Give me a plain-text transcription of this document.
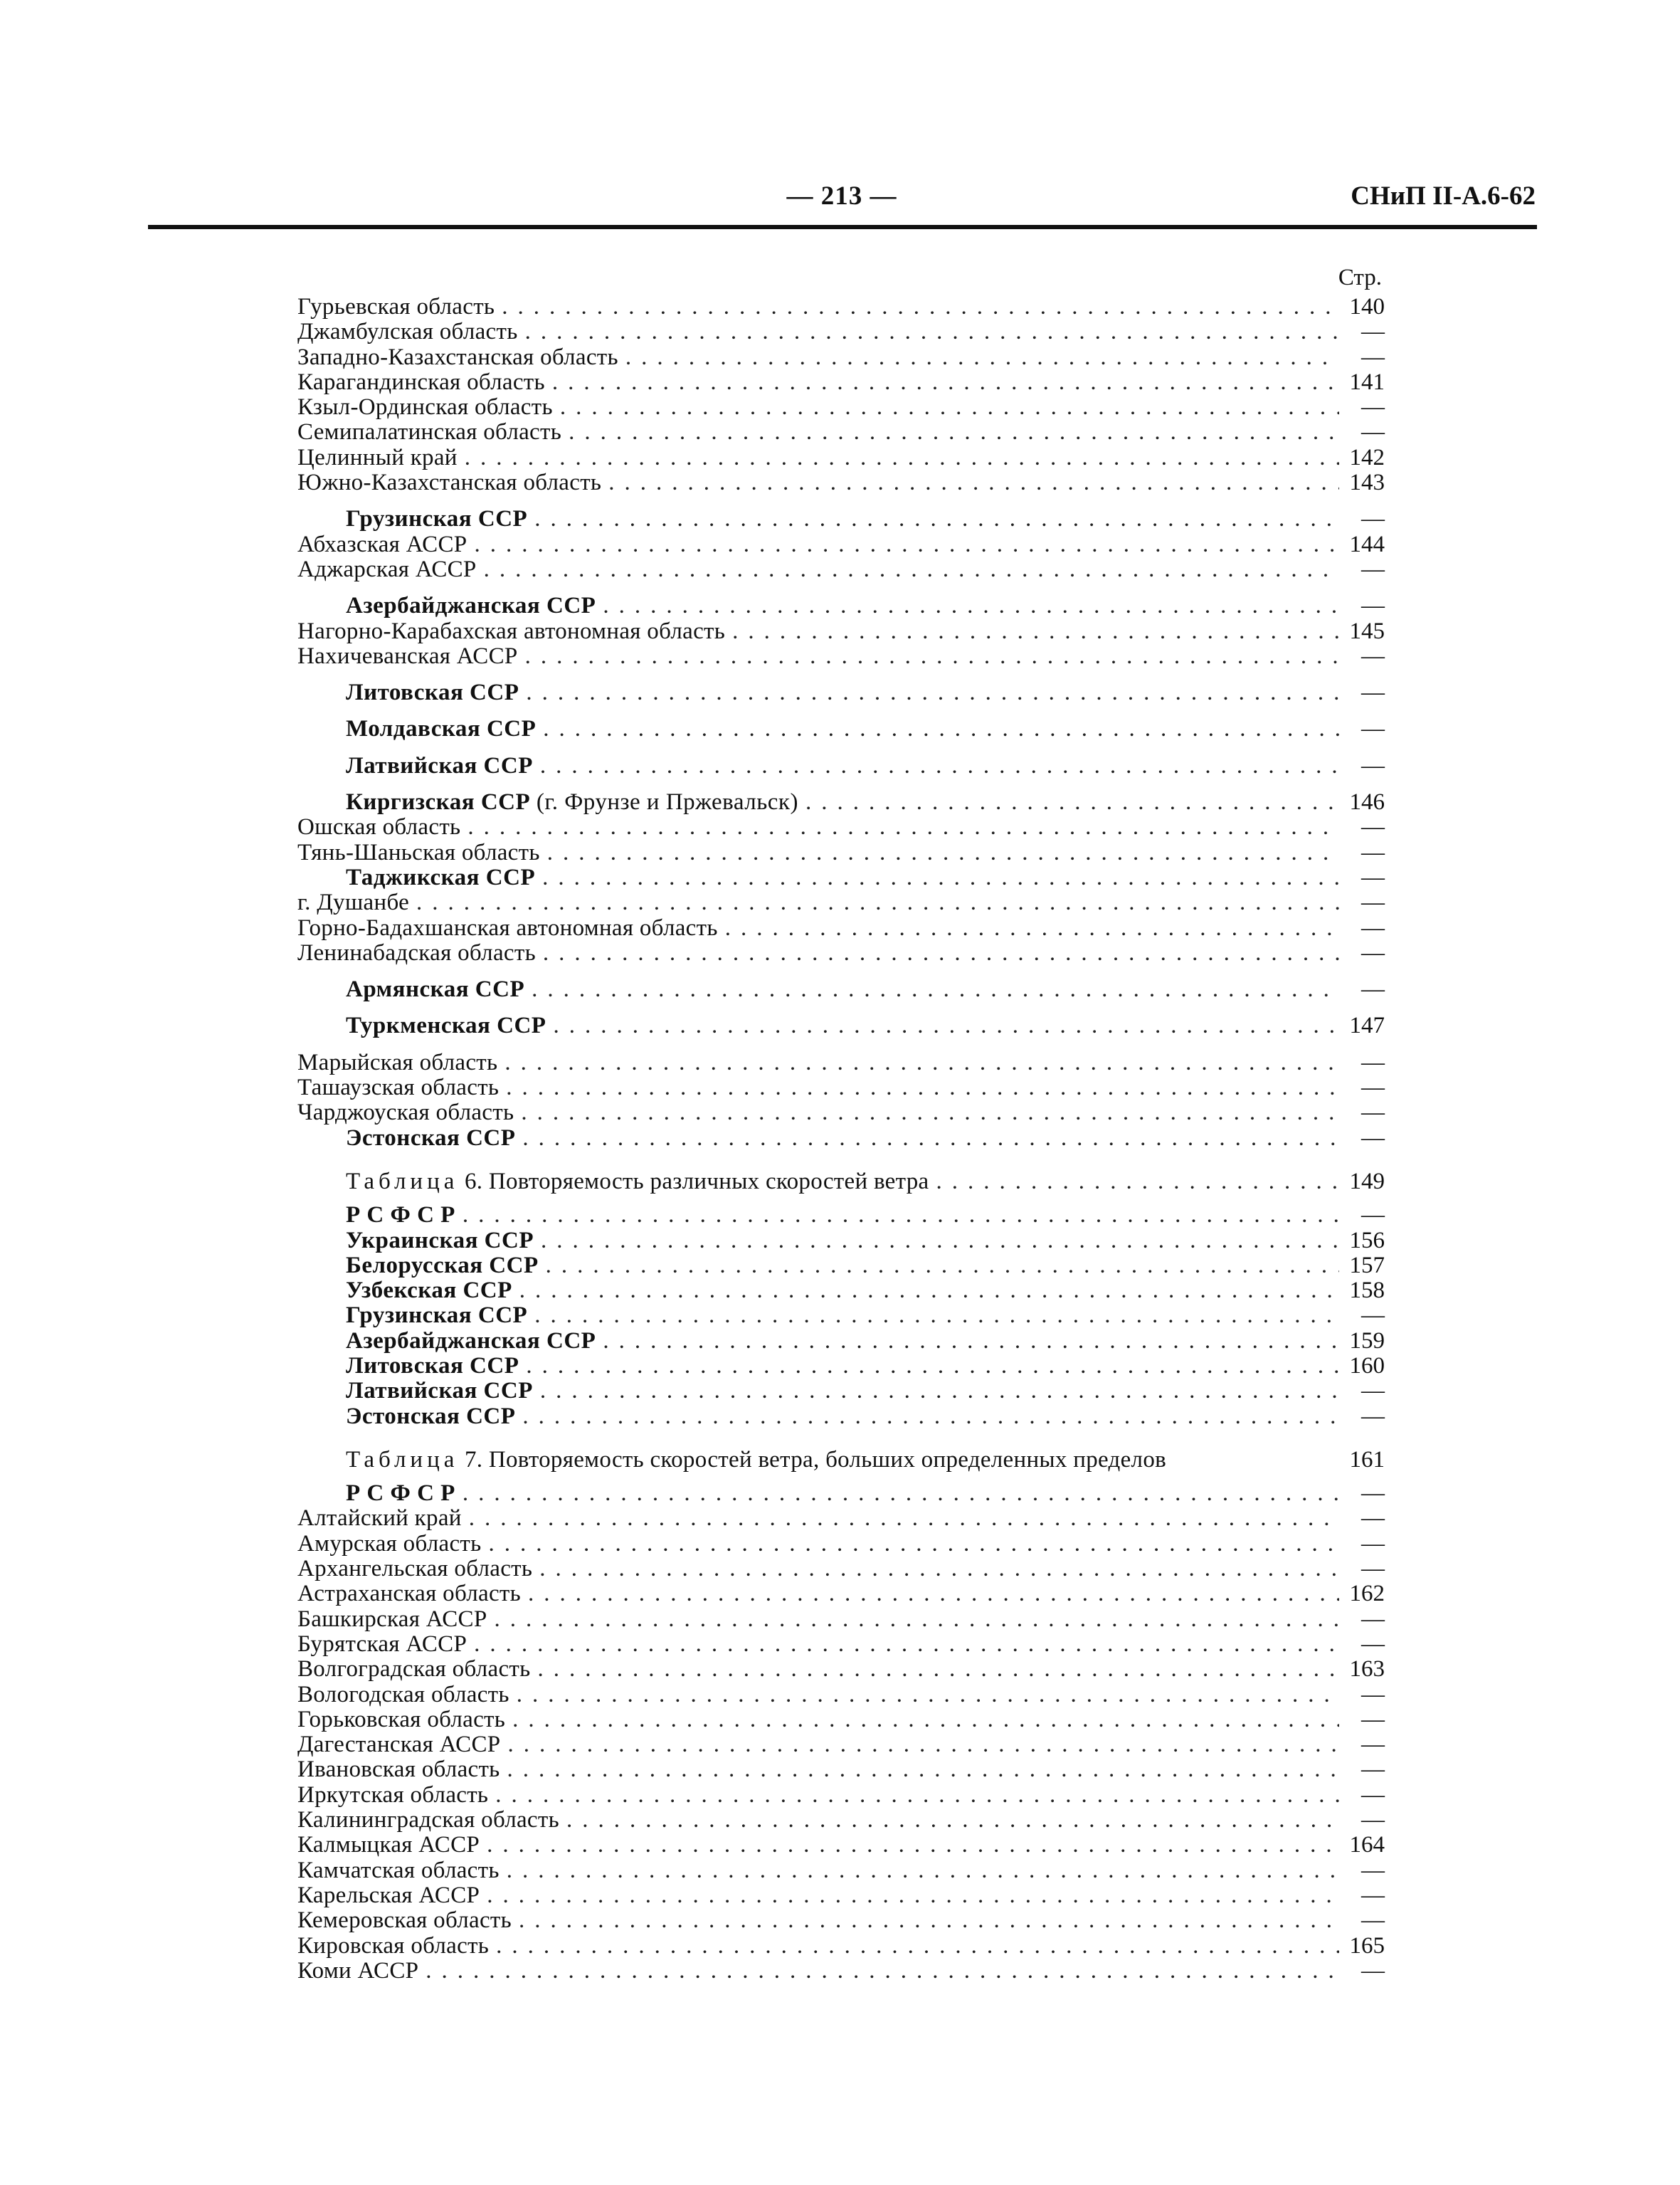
— 213 —	СНиП II-А.6-62
Стр.
Гурьевская область .....	140
Джамбулская область .....	—
Западно-Казахстанская область .....	—
Карагандинская область .....	141
Кзыл-Ординская область .....	—
Семипалатинская область .....	—
Целинный край .....	142
Южно-Казахстанская область .....	143
Грузинская ССР .....	—
Абхазская АССР .....	144
Аджарская АССР .....	—
Азербайджанская ССР .....	—
Нагорно-Карабахская автономная область .....	145
Нахичеванская АССР .....	—
Литовская ССР .....	—
Молдавская ССР .....	—
Латвийская ССР .....	—
Киргизская ССР (г. Фрунзе и Пржевальск) .....	146
Ошская область .....	—
Тянь-Шаньская область .....	—
Таджикская ССР .....	—
г. Душанбе .....	—
Горно-Бадахшанская автономная область .....	—
Ленинабадская область .....	—
Армянская ССР .....	—
Туркменская ССР .....	147
Марыйская область .....	—
Ташаузская область .....	—
Чарджоуская область .....	—
Эстонская ССР .....	—
Таблица 6. Повторяемость различных скоростей ветра .....	149
Р С Ф С Р .....	—
Украинская ССР .....	156
Белорусская ССР .....	157
Узбекская ССР .....	158
Грузинская ССР .....	—
Азербайджанская ССР .....	159
Литовская ССР .....	160
Латвийская ССР .....	—
Эстонская ССР .....	—
Таблица 7. Повторяемость скоростей ветра, больших определенных пределов	161
Р С Ф С Р .....	—
Алтайский край .....	—
Амурская область .....	—
Архангельская область .....	—
Астраханская область .....	162
Башкирская АССР .....	—
Бурятская АССР .....	—
Волгоградская область .....	163
Вологодская область .....	—
Горьковская область .....	—
Дагестанская АССР .....	—
Ивановская область .....	—
Иркутская область .....	—
Калининградская область .....	—
Калмыцкая АССР .....	164
Камчатская область .....	—
Карельская АССР .....	—
Кемеровская область .....	—
Кировская область .....	165
Коми АССР .....	—
